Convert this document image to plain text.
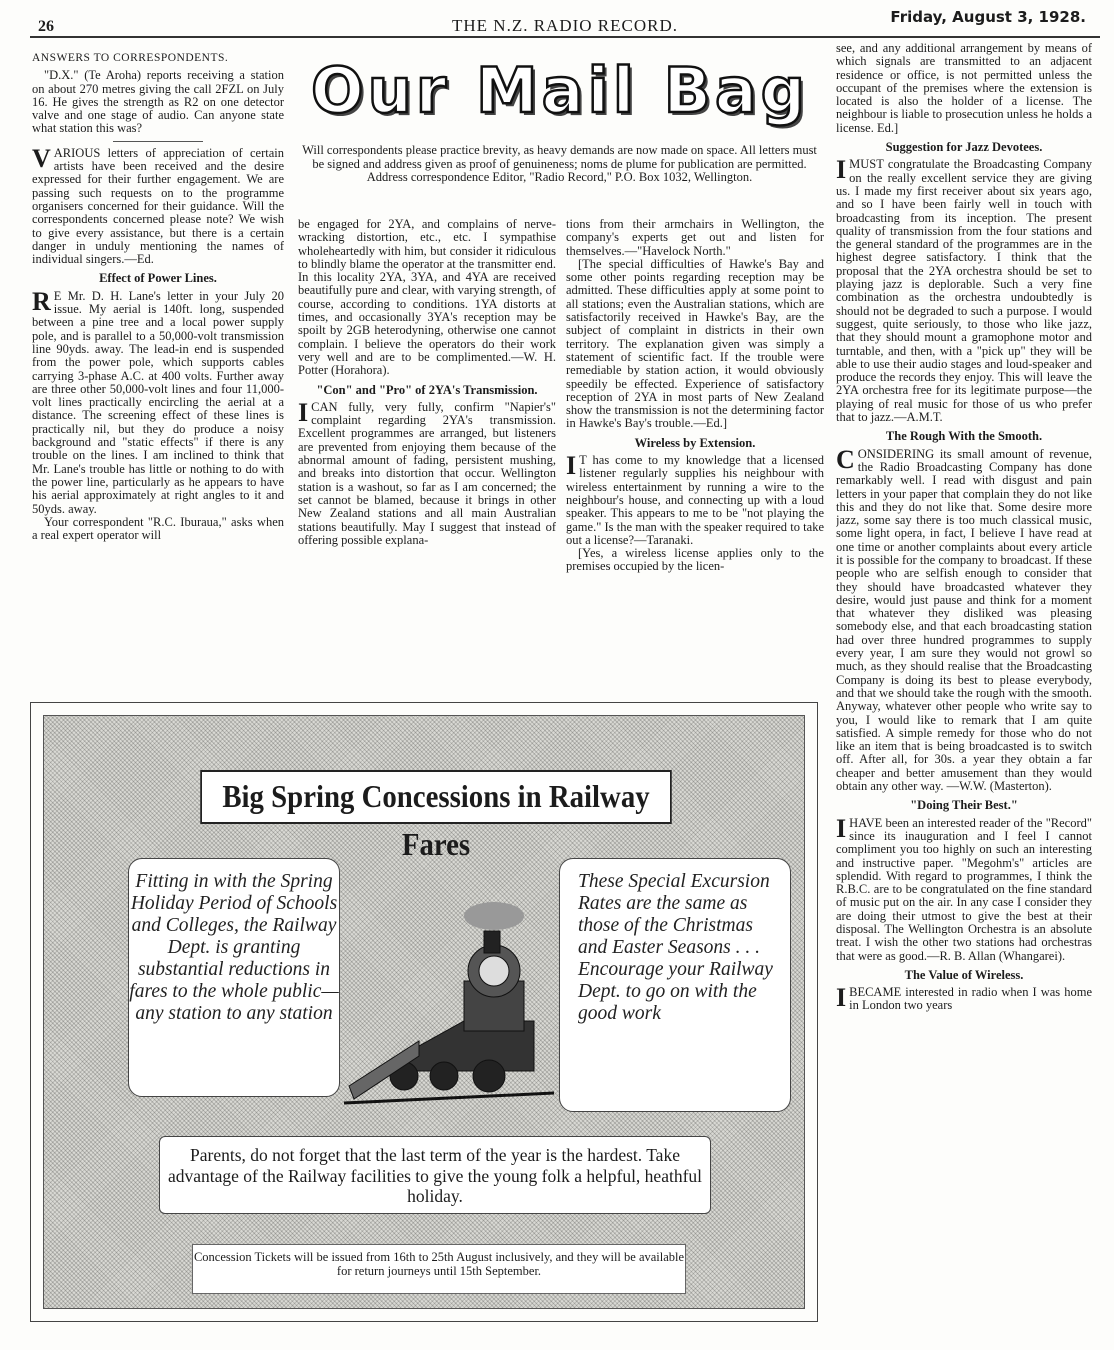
26	THE N.Z. RADIO RECORD.	Friday, August 3, 1928.
ANSWERS TO CORRESPONDENTS.

"D.X." (Te Aroha) reports receiving a station on about 270 metres giving the call 2FZL on July 16. He gives the strength as R2 on one detector valve and one stage of audio. Can anyone state what station this was?

VARIOUS letters of appreciation of certain artists have been received and the desire expressed for their further engagement. We are passing such requests on to the programme organisers concerned for their guidance. Will the correspondents concerned please note? We wish to give every assistance, but there is a certain danger in unduly mentioning the names of individual singers.—Ed.

Effect of Power Lines.

R E Mr. D. H. Lane's letter in your July 20 issue. My aerial is 140ft. long, suspended between a pine tree and a local power supply pole, and is parallel to a 50,000-volt transmission line 90yds. away. The lead-in end is suspended from the power pole, which supports cables carrying 3-phase A.C. at 400 volts. Further away are three other 50,000-volt lines and four 11,000-volt lines practically encircling the aerial at a distance. The screening effect of these lines is practically nil, but they do produce a noisy background and "static effects" if there is any trouble on the lines. I am inclined to think that Mr. Lane's trouble has little or nothing to do with the power line, particularly as he appears to have his aerial approximately at right angles to it and 50yds. away.

Your correspondent "R.C. Iburaua," asks when a real expert operator will

Our Mail Bag
Will correspondents please practice brevity, as heavy demands are now made on space. All letters must be signed and address given as proof of genuineness; noms de plume for publication are permitted. Address correspondence Editor, "Radio Record," P.O. Box 1032, Wellington.

be engaged for 2YA, and complains of nerve-wracking distortion, etc., etc. I sympathise wholeheartedly with him, but consider it ridiculous to blindly blame the operator at the transmitter end. In this locality 2YA, 3YA, and 4YA are received beautifully pure and clear, with varying strength, of course, according to conditions. 1YA distorts at times, and occasionally 3YA's reception may be spoilt by 2GB heterodyning, otherwise one cannot complain. I believe the operators do their work very well and are to be complimented.—W. H. Potter (Horahora).

"Con" and "Pro" of 2YA's Transmission.

ICAN fully, very fully, confirm "Napier's" complaint regarding 2YA's transmission. Excellent programmes are arranged, but listeners are prevented from enjoying them because of the abnormal amount of fading, persistent mushing, and breaks into distortion that occur. Wellington station is a washout, so far as I am concerned; the set cannot be blamed, because it brings in other New Zealand stations and all main Australian stations beautifully. May I suggest that instead of offering possible explana-

tions from their armchairs in Wellington, the company's experts get out and listen for themselves.—"Havelock North."

[The special difficulties of Hawke's Bay and some other points regarding reception may be admitted. These difficulties apply at some point to all stations; even the Australian stations, which are satisfactorily received in Hawke's Bay, are the subject of complaint in districts in their own territory. The explanation given was simply a statement of scientific fact. If the trouble were remediable by station action, it would obviously speedily be effected. Experience of satisfactory reception of 2YA in most parts of New Zealand show the transmission is not the determining factor in Hawke's Bay's trouble.—Ed.]

Wireless by Extension.

I T has come to my knowledge that a licensed listener regularly supplies his neighbour with wireless entertainment by running a wire to the neighbour's house, and connecting up with a loud speaker. This appears to me to be "not playing the game." Is the man with the speaker required to take out a license?—Taranaki.

[Yes, a wireless license applies only to the premises occupied by the licen-

see, and any additional arrangement by means of which signals are transmitted to an adjacent residence or office, is not permitted unless the occupant of the premises where the extension is located is also the holder of a license. The neighbour is liable to prosecution unless he holds a license. Ed.]

Suggestion for Jazz Devotees.

IMUST congratulate the Broadcasting Company on the really excellent service they are giving us. I made my first receiver about six years ago, and so I have been fairly well in touch with broadcasting from its inception. The present quality of transmission from the four stations and the general standard of the programmes are in the highest degree satisfactory. I think that the proposal that the 2YA orchestra should be set to playing jazz is deplorable. Such a very fine combination as the orchestra undoubtedly is should not be degraded to such a purpose. I would suggest, quite seriously, to those who like jazz, that they should mount a gramophone motor and turntable, and then, with a "pick up" they will be able to use their audio stages and loud-speaker and produce the records they enjoy. This will leave the 2YA orchestra free for its legitimate purpose—the playing of real music for those of us who prefer that to jazz.—A.M.T.

The Rough With the Smooth.

CONSIDERING its small amount of revenue, the Radio Broadcasting Company has done remarkably well. I read with disgust and pain letters in your paper that complain they do not like this and they do not like that. Some desire more jazz, some say there is too much classical music, some light opera, in fact, I believe I have read at one time or another complaints about every article it is possible for the company to broadcast. If these people who are selfish enough to consider that they should have broadcasted whatever they desire, would just pause and think for a moment that whatever they disliked was pleasing somebody else, and that each broadcasting station had over three hundred programmes to supply every year, I am sure they would not growl so much, as they should realise that the Broadcasting Company is doing its best to please everybody, and that we should take the rough with the smooth. Anyway, whatever other people who write say to you, I would like to remark that I am quite satisfied. A simple remedy for those who do not like an item that is being broadcasted is to switch off. After all, for 30s. a year they obtain a far cheaper and better amusement than they would obtain any other way. —W.W. (Masterton).

"Doing Their Best."

IHAVE been an interested reader of the "Record" since its inauguration and I feel I cannot compliment you too highly on such an interesting and instructive paper. "Megohm's" articles are splendid. With regard to programmes, I think the R.B.C. are to be congratulated on the fine standard of music put on the air. In any case I consider they are doing their utmost to give the best at their disposal. The Wellington Orchestra is an absolute treat. I wish the other two stations had orchestras that were as good.—R. B. Allan (Whangarei).

The Value of Wireless.

IBECAME interested in radio when I was home in London two years

Big Spring Concessions in Railway Fares
Fitting in with the Spring Holiday Period of Schools and Colleges, the Railway Dept. is granting substantial reductions in fares to the whole public—any station to any station
These Special Excursion Rates are the same as those of the Christmas and Easter Seasons . . . Encourage your Railway Dept. to go on with the good work
Parents, do not forget that the last term of the year is the hardest. Take advantage of the Railway facilities to give the young folk a helpful, heathful holiday.
Concession Tickets will be issued from 16th to 25th August inclusively, and they will be available for return journeys until 15th September.
